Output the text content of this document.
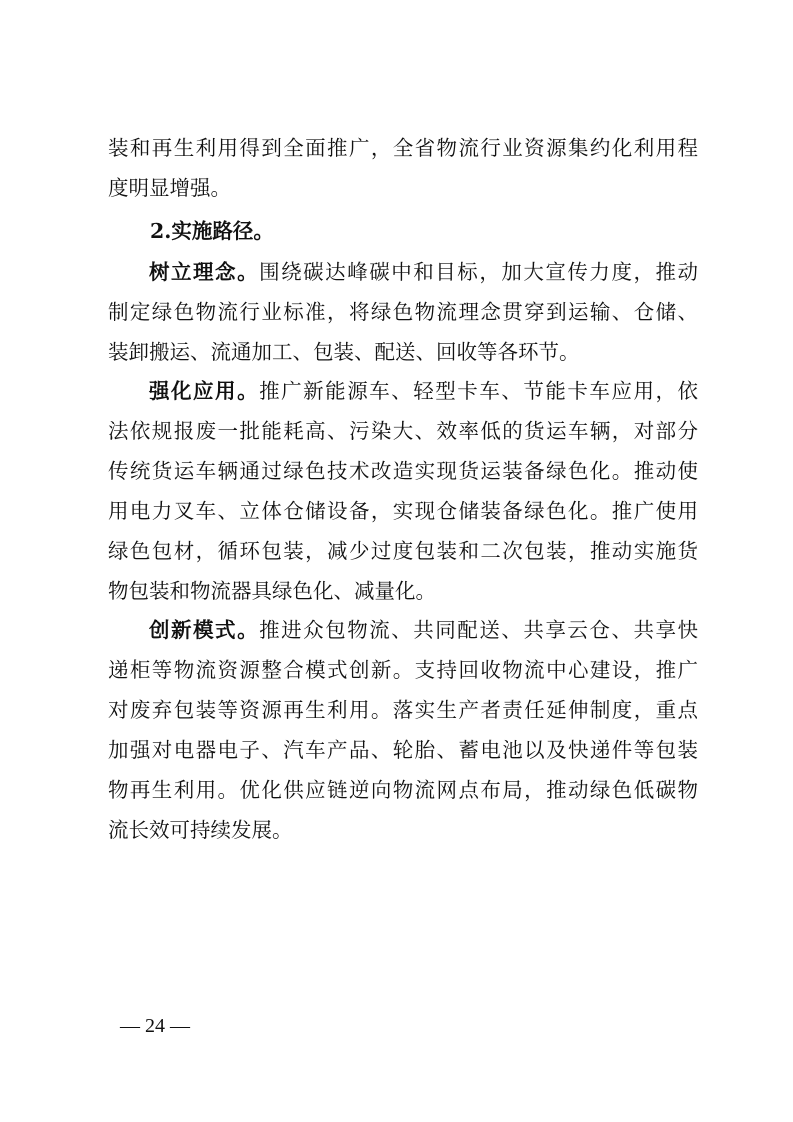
装和再生利用得到全面推广，全省物流行业资源集约化利用程
度明显增强。
2.实施路径。
树立理念。围绕碳达峰碳中和目标，加大宣传力度，推动
制定绿色物流行业标准，将绿色物流理念贯穿到运输、仓储、
装卸搬运、流通加工、包装、配送、回收等各环节。
强化应用。推广新能源车、轻型卡车、节能卡车应用，依
法依规报废一批能耗高、污染大、效率低的货运车辆，对部分
传统货运车辆通过绿色技术改造实现货运装备绿色化。推动使
用电力叉车、立体仓储设备，实现仓储装备绿色化。推广使用
绿色包材，循环包装，减少过度包装和二次包装，推动实施货
物包装和物流器具绿色化、减量化。
创新模式。推进众包物流、共同配送、共享云仓、共享快
递柜等物流资源整合模式创新。支持回收物流中心建设，推广
对废弃包装等资源再生利用。落实生产者责任延伸制度，重点
加强对电器电子、汽车产品、轮胎、蓄电池以及快递件等包装
物再生利用。优化供应链逆向物流网点布局，推动绿色低碳物
流长效可持续发展。
— 24 —
